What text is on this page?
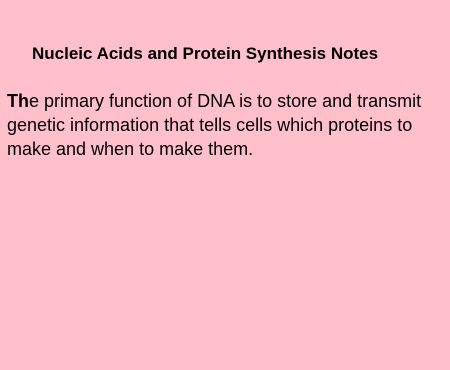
Nucleic Acids and Protein Synthesis Notes

The primary function of DNA is to store and transmit genetic information that tells cells which proteins to make and when to make them.
